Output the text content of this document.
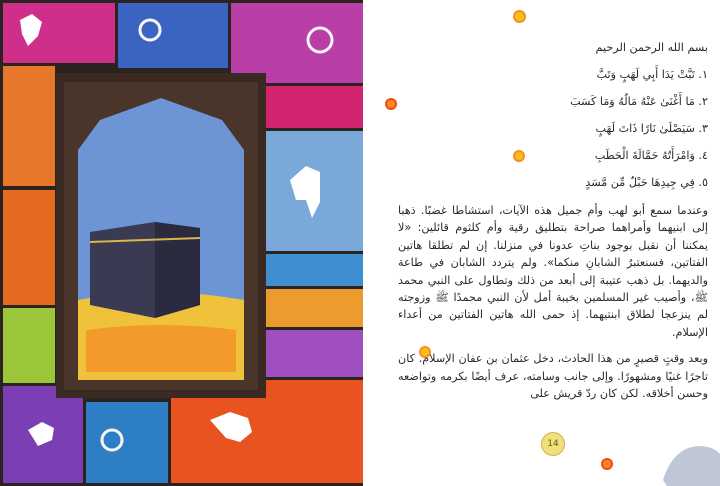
14

بسم الله الرحمن الرحيم

١. تَبَّتْ يَدَا أَبِي لَهَبٍ وَتَبَّ

٢. مَا أَغْنَىٰ عَنْهُ مَالُهُ وَمَا كَسَبَ

٣. سَيَصْلَىٰ نَارًا ذَاتَ لَهَبٍ

٤. وَامْرَأَتُهُ حَمَّالَةَ الْحَطَبِ

٥. فِي جِيدِهَا حَبْلٌ مِّن مَّسَدٍ

وعندما سمع أبو لهب وأم جميل هذه الآيات، استشاطا غضبًا. ذهبا إلى ابنيهما وأمراهما صراحة بتطليق رقية وأم كلثوم قائلين: «لا يمكننا أن نقبل بوجود بناتِ عدونا في منزلنا. إن لم تطلقا هاتين الفتاتين، فسنعتبرُ الشابانِ منكما». ولم يتردد الشابان في طاعة والديهما. بل ذهب عتيبة إلى أبعد من ذلك وتطاول على النبي محمد ﷺ، وأصيب غير المسلمين بخيبة أمل لأن النبي محمدًا ﷺ وزوجته لم ينزعجا لطلاق ابنتيهما. إذ حمى الله هاتين الفتاتين من أعداء الإسلام.

وبعد وقتٍ قصيرٍ من هذا الحادث، دخل عثمان بن عفان الإسلام. كان تاجرًا غنيًا ومشهورًا. وإلى جانب وسامته، عرف أيضًا بكرمه وتواضعه وحسن أخلاقه. لكن كان ردّ قريش على
